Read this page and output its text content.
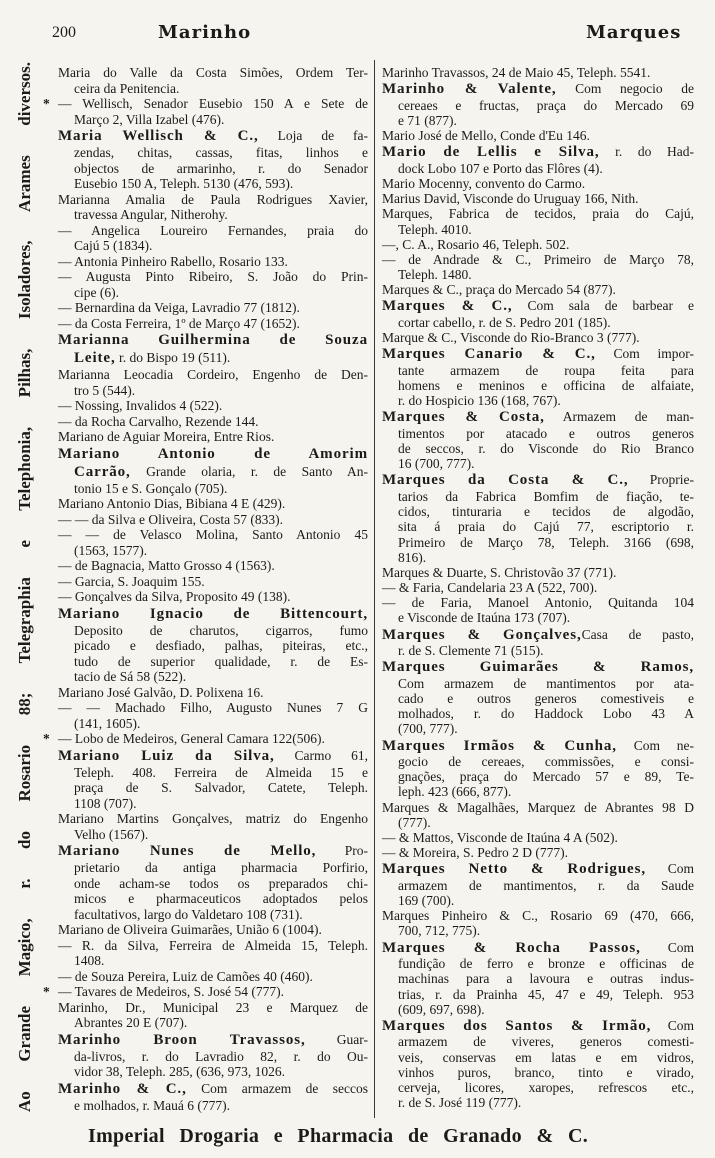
200	Marinho	Marques
Ao Grande Magico, r. do Rosario 88; Telegraphia e Telephonia, Pilhas, Isoladores, Arames diversos.	Maria do Valle da Costa Simões, Ordem Ter-
ceira da Penitencia.
* — Wellisch, Senador Eusebio 150 A e Sete de
Março 2, Villa Izabel (476).
Maria Wellisch & C., Loja de fa-
zendas, chitas, cassas, fitas, linhos e
objectos de armarinho, r. do Senador
Eusebio 150 A, Teleph. 5130 (476, 593).
Marianna Amalia de Paula Rodrigues Xavier,
travessa Angular, Nitherohy.
— Angelica Loureiro Fernandes, praia do
Cajú 5 (1834).
— Antonia Pinheiro Rabello, Rosario 133.
— Augusta Pinto Ribeiro, S. João do Prin-
cipe (6).
— Bernardina da Veiga, Lavradio 77 (1812).
— da Costa Ferreira, 1º de Março 47 (1652).
Marianna Guilhermina de Souza
Leite, r. do Bispo 19 (511).
Marianna Leocadia Cordeiro, Engenho de Den-
tro 5 (544).
— Nossing, Invalidos 4 (522).
— da Rocha Carvalho, Rezende 144.
Mariano de Aguiar Moreira, Entre Rios.
Mariano Antonio de Amorim
Carrão, Grande olaria, r. de Santo An-
tonio 15 e S. Gonçalo (705).
Mariano Antonio Dias, Bibiana 4 E (429).
— — da Silva e Oliveira, Costa 57 (833).
— — de Velasco Molina, Santo Antonio 45
(1563, 1577).
— de Bagnacia, Matto Grosso 4 (1563).
— Garcia, S. Joaquim 155.
— Gonçalves da Silva, Proposito 49 (138).
Mariano Ignacio de Bittencourt,
Deposito de charutos, cigarros, fumo
picado e desfiado, palhas, piteiras, etc.,
tudo de superior qualidade, r. de Es-
tacio de Sá 58 (522).
Mariano José Galvão, D. Polixena 16.
— — Machado Filho, Augusto Nunes 7 G
(141, 1605).
* — Lobo de Medeiros, General Camara 122(506).
Mariano Luiz da Silva, Carmo 61,
Teleph. 408. Ferreira de Almeida 15 e
praça de S. Salvador, Catete, Teleph.
1108 (707).
Mariano Martins Gonçalves, matriz do Engenho
Velho (1567).
Mariano Nunes de Mello, Pro-
prietario da antiga pharmacia Porfirio,
onde acham-se todos os preparados chi-
micos e pharmaceuticos adoptados pelos
facultativos, largo do Valdetaro 108 (731).
Mariano de Oliveira Guimarães, União 6 (1004).
— R. da Silva, Ferreira de Almeida 15, Teleph.
1408.
— de Souza Pereira, Luiz de Camões 40 (460).
* — Tavares de Medeiros, S. José 54 (777).
Marinho, Dr., Municipal 23 e Marquez de
Abrantes 20 E (707).
Marinho Broon Travassos, Guar-
da-livros, r. do Lavradio 82, r. do Ou-
vidor 38, Teleph. 285, (636, 973, 1026.
Marinho & C., Com armazem de seccos
e molhados, r. Mauá 6 (777).
Marinho Travassos, 24 de Maio 45, Teleph. 5541.
Marinho & Valente, Com negocio de
cereaes e fructas, praça do Mercado 69
e 71 (877).
Mario José de Mello, Conde d'Eu 146.
Mario de Lellis e Silva, r. do Had-
dock Lobo 107 e Porto das Flôres (4).
Mario Mocenny, convento do Carmo.
Marius David, Visconde do Uruguay 166, Nith.
Marques, Fabrica de tecidos, praia do Cajú,
Teleph. 4010.
—, C. A., Rosario 46, Teleph. 502.
— de Andrade & C., Primeiro de Março 78,
Teleph. 1480.
Marques & C., praça do Mercado 54 (877).
Marques & C., Com sala de barbear e
cortar cabello, r. de S. Pedro 201 (185).
Marque & C., Visconde do Rio-Branco 3 (777).
Marques Canario & C., Com impor-
tante armazem de roupa feita para
homens e meninos e officina de alfaiate,
r. do Hospicio 136 (168, 767).
Marques & Costa, Armazem de man-
timentos por atacado e outros generos
de seccos, r. do Visconde do Rio Branco
16 (700, 777).
Marques da Costa & C., Proprie-
tarios da Fabrica Bomfim de fiação, te-
cidos, tinturaria e tecidos de algodão,
sita á praia do Cajú 77, escriptorio r.
Primeiro de Março 78, Teleph. 3166 (698,
816).
Marques & Duarte, S. Christovão 37 (771).
— & Faria, Candelaria 23 A (522, 700).
— de Faria, Manoel Antonio, Quitanda 104
e Visconde de Itaúna 173 (707).
Marques & Gonçalves,Casa de pasto,
r. de S. Clemente 71 (515).
Marques Guimarães & Ramos,
Com armazem de mantimentos por ata-
cado e outros generos comestiveis e
molhados, r. do Haddock Lobo 43 A
(700, 777).
Marques Irmãos & Cunha, Com ne-
gocio de cereaes, commissões, e consi-
gnações, praça do Mercado 57 e 89, Te-
leph. 423 (666, 877).
Marques & Magalhães, Marquez de Abrantes 98 D
(777).
— & Mattos, Visconde de Itaúna 4 A (502).
— & Moreira, S. Pedro 2 D (777).
Marques Netto & Rodrigues, Com
armazem de mantimentos, r. da Saude
169 (700).
Marques Pinheiro & C., Rosario 69 (470, 666,
700, 712, 775).
Marques & Rocha Passos, Com
fundição de ferro e bronze e officinas de
machinas para a lavoura e outras indus-
trias, r. da Prainha 45, 47 e 49, Teleph. 953
(609, 697, 698).
Marques dos Santos & Irmão, Com
armazem de viveres, generos comesti-
veis, conservas em latas e em vidros,
vinhos puros, branco, tinto e virado,
cerveja, licores, xaropes, refrescos etc.,
r. de S. José 119 (777).
Imperial Drogaria e Pharmacia de Granado & C.
